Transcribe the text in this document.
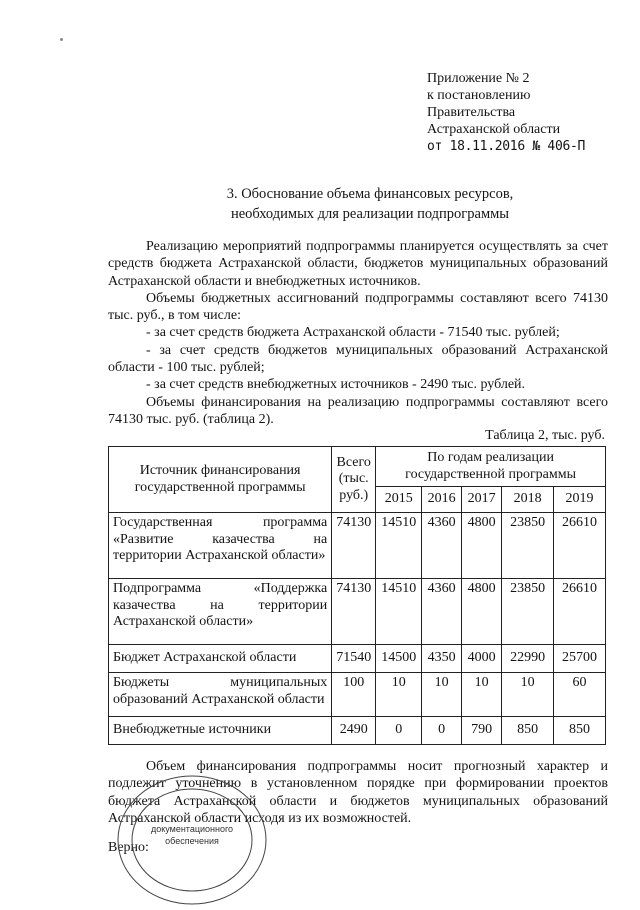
Приложение № 2
к постановлению
Правительства
Астраханской области
от 18.11.2016 № 406-П
3. Обоснование объема финансовых ресурсов,
необходимых для реализации подпрограммы

Реализацию мероприятий подпрограммы планируется осуществлять за счет средств бюджета Астраханской области, бюджетов муниципальных образований Астраханской области и внебюджетных источников.

Объемы бюджетных ассигнований подпрограммы составляют всего 74130 тыс. руб., в том числе:

- за счет средств бюджета Астраханской области - 71540 тыс. рублей;

- за счет средств бюджетов муниципальных образований Астраханской области - 100 тыс. рублей;

- за счет средств внебюджетных источников - 2490 тыс. рублей.

Объемы финансирования на реализацию подпрограммы составляют всего 74130 тыс. руб. (таблица 2).

Таблица 2, тыс. руб.
Источник финансирования государственной программы	Всего (тыс. руб.)	По годам реализации государственной программы				
		2015	2016	2017	2018	2019
Государственная программа «Развитие казачества на территории Астраханской области»	74130	14510	4360	4800	23850	26610
Подпрограмма «Поддержка казачества на территории Астраханской области»	74130	14510	4360	4800	23850	26610
Бюджет Астраханской области	71540	14500	4350	4000	22990	25700
Бюджеты муниципальных образований Астраханской области	100	10	10	10	10	60
Внебюджетные источники	2490	0	0	790	850	850

Объем финансирования подпрограммы носит прогнозный характер и подлежит уточнению в установленном порядке при формировании проектов бюджета Астраханской области и бюджетов муниципальных образований Астраханской области исходя из их возможностей.

Верно:
документационного
обеспечения
